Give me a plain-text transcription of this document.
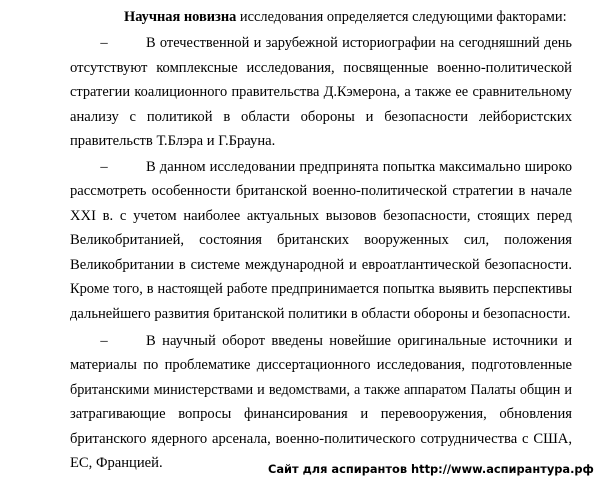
Научная новизна исследования определяется следующими факторами:
–	В отечественной и зарубежной историографии на сегодняшний день
отсутствуют комплексные исследования, посвященные военно-политической
стратегии коалиционного правительства Д.Кэмерона, а также ее сравнительному
анализу с политикой в области обороны и безопасности лейбористских
правительств Т.Блэра и Г.Брауна.
–	В данном исследовании предпринята попытка максимально широко
рассмотреть особенности британской военно-политической стратегии в начале
XXI в. с учетом наиболее актуальных вызовов безопасности, стоящих перед
Великобританией, состояния британских вооруженных сил, положения
Великобритании в системе международной и евроатлантической безопасности.
Кроме того, в настоящей работе предпринимается попытка выявить перспективы
дальнейшего развития британской политики в области обороны и безопасности.
–	В научный оборот введены новейшие оригинальные источники и
материалы по проблематике диссертационного исследования, подготовленные
британскими министерствами и ведомствами, а также аппаратом Палаты общин и
затрагивающие вопросы финансирования и перевооружения, обновления
британского ядерного арсенала, военно-политического сотрудничества с США,
ЕС, Францией.	Сайт для аспирантов http://www.аспирантура.рф
